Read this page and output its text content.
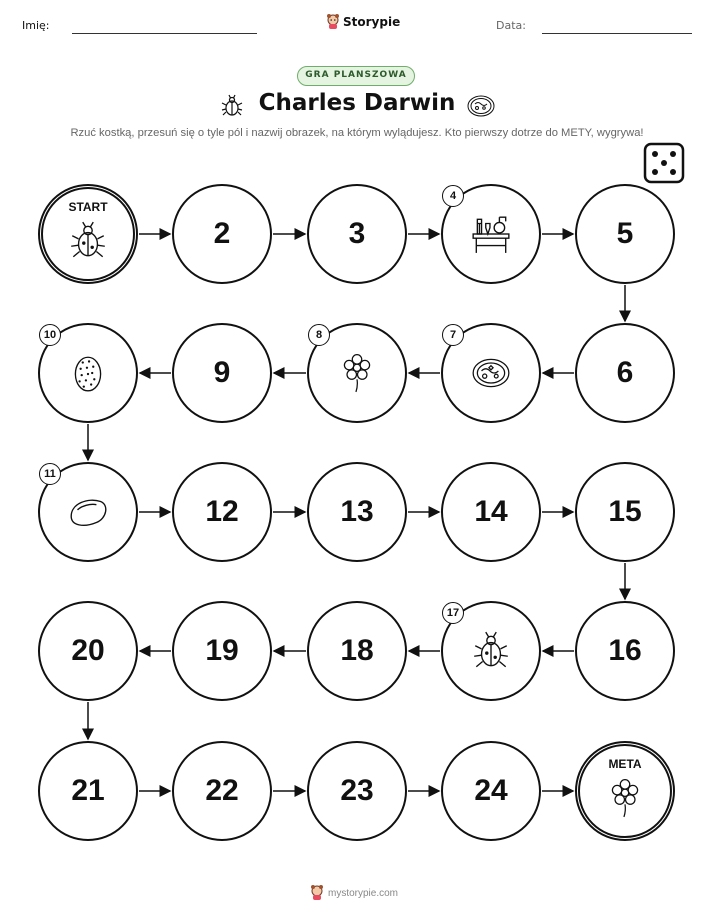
Imię:	Storypie	Data:
GRA PLANSZOWA
Charles Darwin
Rzuć kostką, przesuń się o tyle pól i nazwij obrazek, na którym wylądujesz. Kto pierwszy dotrze do METY, wygrywa!
START
2	3
4
5
6
7
8
9
10
11
12	13	14	15
16
17
18
19
20
21	22	23	24
META
mystorypie.com
